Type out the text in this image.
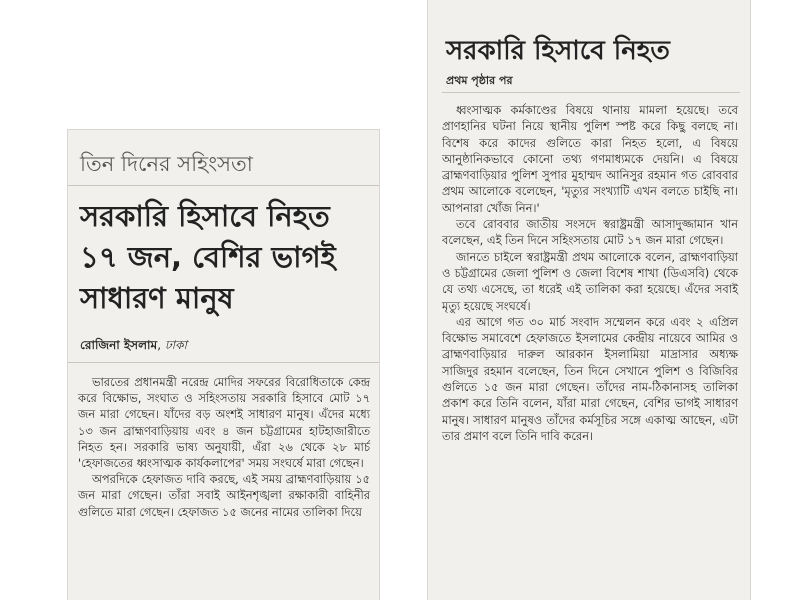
তিন দিনের সহিংসতা
সরকারি হিসাবে নিহত
১৭ জন, বেশির ভাগই
সাধারণ মানুষ
রোজিনা ইসলাম, ঢাকা

ভারতের প্রধানমন্ত্রী নরেন্দ্র মোদির সফরের বিরোধিতাকে কেন্দ্র করে বিক্ষোভ, সংঘাত ও সহিংসতায় সরকারি হিসাবে মোট ১৭ জন মারা গেছেন। যাঁদের বড় অংশই সাধারণ মানুষ। এঁদের মধ্যে ১৩ জন ব্রাহ্মণবাড়িয়ায় এবং ৪ জন চট্টগ্রামের হাটহাজারীতে নিহত হন। সরকারি ভাষ্য অনুযায়ী, এঁরা ২৬ থেকে ২৮ মার্চ 'হেফাজতের ধ্বংসাত্মক কার্যকলাপের' সময় সংঘর্ষে মারা গেছেন।

অপরদিকে হেফাজত দাবি করছে, এই সময় ব্রাহ্মণবাড়িয়ায় ১৫ জন মারা গেছেন। তাঁরা সবাই আইনশৃঙ্খলা রক্ষাকারী বাহিনীর গুলিতে মারা গেছেন। হেফাজত ১৫ জনের নামের তালিকা দিয়ে

সরকারি হিসাবে নিহত
প্রথম পৃষ্ঠার পর

ধ্বংসাত্মক কর্মকাণ্ডের বিষয়ে থানায় মামলা হয়েছে। তবে প্রাণহানির ঘটনা নিয়ে স্থানীয় পুলিশ স্পষ্ট করে কিছু বলছে না। বিশেষ করে কাদের গুলিতে কারা নিহত হলো, এ বিষয়ে আনুষ্ঠানিকভাবে কোনো তথ্য গণমাধ্যমকে দেয়নি। এ বিষয়ে ব্রাহ্মণবাড়িয়ার পুলিশ সুপার মুহাম্মদ আনিসুর রহমান গত রোববার প্রথম আলোকে বলেছেন, 'মৃত্যুর সংখ্যাটি এখন বলতে চাইছি না। আপনারা খোঁজ নিন।'

তবে রোববার জাতীয় সংসদে স্বরাষ্ট্রমন্ত্রী আসাদুজ্জামান খান বলেছেন, এই তিন দিনে সহিংসতায় মোট ১৭ জন মারা গেছেন।

জানতে চাইলে স্বরাষ্ট্রমন্ত্রী প্রথম আলোকে বলেন, ব্রাহ্মণবাড়িয়া ও চট্টগ্রামের জেলা পুলিশ ও জেলা বিশেষ শাখা (ডিএসবি) থেকে যে তথ্য এসেছে, তা ধরেই এই তালিকা করা হয়েছে। এঁদের সবাই মৃত্যু হয়েছে সংঘর্ষে।

এর আগে গত ৩০ মার্চ সংবাদ সম্মেলন করে এবং ২ এপ্রিল বিক্ষোভ সমাবেশে হেফাজতে ইসলামের কেন্দ্রীয় নায়েবে আমির ও ব্রাহ্মণবাড়িয়ার দারুল আরকান ইসলামিয়া মাদ্রাসার অধ্যক্ষ সাজিদুর রহমান বলেছেন, তিন দিনে সেখানে পুলিশ ও বিজিবির গুলিতে ১৫ জন মারা গেছেন। তাঁদের নাম-ঠিকানাসহ তালিকা প্রকাশ করে তিনি বলেন, যাঁরা মারা গেছেন, বেশির ভাগই সাধারণ মানুষ। সাধারণ মানুষও তাঁদের কর্মসূচির সঙ্গে একাত্ম আছেন, এটা তার প্রমাণ বলে তিনি দাবি করেন।
